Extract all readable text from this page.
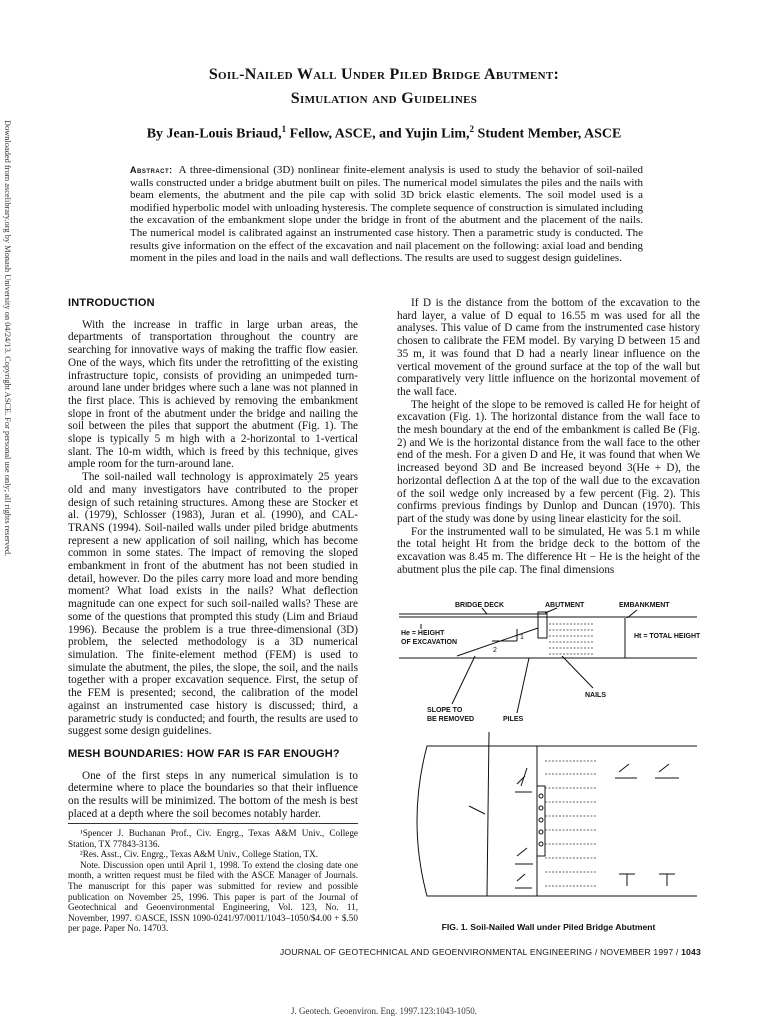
Downloaded from ascelibrary.org by Monash University on 04/24/13. Copyright ASCE. For personal use only; all rights reserved.
Soil-Nailed Wall Under Piled Bridge Abutment:
Simulation and Guidelines
By Jean-Louis Briaud,$^1$ Fellow, ASCE, and Yujin Lim,$^2$ Student Member, ASCE
Abstract: A three-dimensional (3D) nonlinear finite-element analysis is used to study the behavior of soil-nailed walls constructed under a bridge abutment built on piles. The numerical model simulates the piles and the nails with beam elements, the abutment and the pile cap with solid 3D brick elastic elements. The soil model used is a modified hyperbolic model with unloading hysteresis. The complete sequence of construction is simulated including the excavation of the embankment slope under the bridge in front of the abutment and the placement of the nails. The numerical model is calibrated against an instrumented case history. Then a parametric study is conducted. The results give information on the effect of the excavation and nail placement on the following: axial load and bending moment in the piles and load in the nails and wall deflections. The results are used to suggest design guidelines.
INTRODUCTION

With the increase in traffic in large urban areas, the departments of transportation throughout the country are searching for innovative ways of making the traffic flow easier. One of the ways, which fits under the retrofitting of the existing infrastructure topic, consists of providing an unimpeded turn-around lane under bridges where such a lane was not planned in the first place. This is achieved by removing the embankment slope in front of the abutment under the bridge and nailing the soil between the piles that support the abutment (Fig. 1). The slope is typically 5 m high with a 2-horizontal to 1-vertical slant. The 10-m width, which is freed by this technique, gives ample room for the turn-around lane.

The soil-nailed wall technology is approximately 25 years old and many investigators have contributed to the proper design of such retaining structures. Among these are Stocker et al. (1979), Schlosser (1983), Juran et al. (1990), and CAL-TRANS (1994). Soil-nailed walls under piled bridge abutments represent a new application of soil nailing, which has become common in some states. The impact of removing the sloped embankment in front of the abutment has not been studied in detail, however. Do the piles carry more load and more bending moment? What load exists in the nails? What deflection magnitude can one expect for such soil-nailed walls? These are some of the questions that prompted this study (Lim and Briaud 1996). Because the problem is a true three-dimensional (3D) problem, the selected methodology is a 3D numerical simulation. The finite-element method (FEM) is used to simulate the abutment, the piles, the slope, the soil, and the nails together with a proper excavation sequence. First, the setup of the FEM is presented; second, the calibration of the model against an instrumented case history is discussed; third, a parametric study is conducted; and fourth, the results are used to suggest some design guidelines.

MESH BOUNDARIES: HOW FAR IS FAR ENOUGH?

One of the first steps in any numerical simulation is to determine where to place the boundaries so that their influence on the results will be minimized. The bottom of the mesh is best placed at a depth where the soil becomes notably harder.

¹Spencer J. Buchanan Prof., Civ. Engrg., Texas A&M Univ., College Station, TX 77843-3136.

²Res. Asst., Civ. Engrg., Texas A&M Univ., College Station, TX.

Note. Discussion open until April 1, 1998. To extend the closing date one month, a written request must be filed with the ASCE Manager of Journals. The manuscript for this paper was submitted for review and possible publication on November 25, 1996. This paper is part of the Journal of Geotechnical and Geoenvironmental Engineering, Vol. 123, No. 11, November, 1997. ©ASCE, ISSN 1090-0241/97/0011/1043–1050/$4.00 + $.50 per page. Paper No. 14703.

If D is the distance from the bottom of the excavation to the hard layer, a value of D equal to 16.55 m was used for all the analyses. This value of D came from the instrumented case history chosen to calibrate the FEM model. By varying D between 15 and 35 m, it was found that D had a nearly linear influence on the vertical movement of the ground surface at the top of the wall but comparatively very little influence on the horizontal movement of the wall face.

The height of the slope to be removed is called He for height of excavation (Fig. 1). The horizontal distance from the wall face to the mesh boundary at the end of the embankment is called Be (Fig. 2) and We is the horizontal distance from the wall face to the other end of the mesh. For a given D and He, it was found that when We increased beyond 3D and Be increased beyond 3(He + D), the horizontal deflection Δ at the top of the wall due to the excavation of the soil wedge only increased by a few percent (Fig. 2). This confirms previous findings by Dunlop and Duncan (1970). This part of the study was done by using linear elasticity for the soil.

For the instrumented wall to be simulated, He was 5.1 m while the total height Ht from the bridge deck to the bottom of the excavation was 8.45 m. The difference Ht − He is the height of the abutment plus the pile cap. The final dimensions

BRIDGE DECK	ABUTMENT	EMBANKMENT
He = HEIGHT
OF EXCAVATION
Ht = TOTAL HEIGHT
1
2
NAILS
SLOPE TO
BE REMOVED	PILES
FIG. 1. Soil-Nailed Wall under Piled Bridge Abutment
JOURNAL OF GEOTECHNICAL AND GEOENVIRONMENTAL ENGINEERING / NOVEMBER 1997 / 1043
J. Geotech. Geoenviron. Eng. 1997.123:1043-1050.
